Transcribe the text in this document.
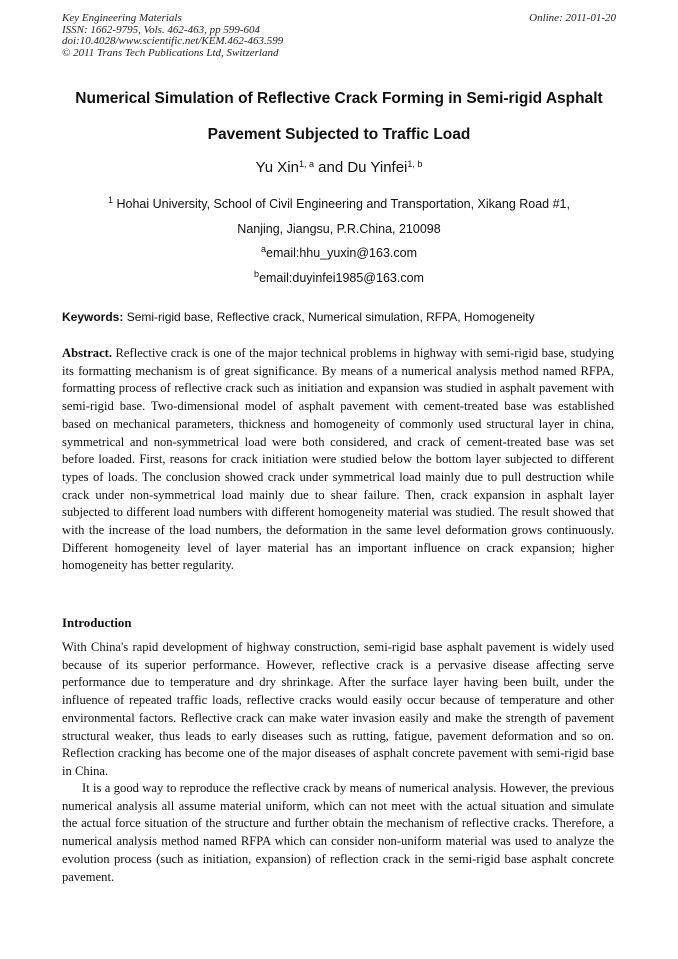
Key Engineering Materials
ISSN: 1662-9795, Vols. 462-463, pp 599-604
doi:10.4028/www.scientific.net/KEM.462-463.599
© 2011 Trans Tech Publications Ltd, Switzerland
Online: 2011-01-20
Numerical Simulation of Reflective Crack Forming in Semi-rigid Asphalt
Pavement Subjected to Traffic Load
Yu Xin$^{1, a}$ and Du Yinfei$^{1, b}$
$^1$ Hohai University, School of Civil Engineering and Transportation, Xikang Road #1,
Nanjing, Jiangsu, P.R.China, 210098
$^a$email:hhu_yuxin@163.com
$^b$email:duyinfei1985@163.com
Keywords: Semi-rigid base, Reflective crack, Numerical simulation, RFPA, Homogeneity

Abstract. Reflective crack is one of the major technical problems in highway with semi-rigid base, studying its formatting mechanism is of great significance. By means of a numerical analysis method named RFPA, formatting process of reflective crack such as initiation and expansion was studied in asphalt pavement with semi-rigid base. Two-dimensional model of asphalt pavement with cement-treated base was established based on mechanical parameters, thickness and homogeneity of commonly used structural layer in china, symmetrical and non-symmetrical load were both considered, and crack of cement-treated base was set before loaded. First, reasons for crack initiation were studied below the bottom layer subjected to different types of loads. The conclusion showed crack under symmetrical load mainly due to pull destruction while crack under non-symmetrical load mainly due to shear failure. Then, crack expansion in asphalt layer subjected to different load numbers with different homogeneity material was studied. The result showed that with the increase of the load numbers, the deformation in the same level deformation grows continuously. Different homogeneity level of layer material has an important influence on crack expansion; higher homogeneity has better regularity.

Introduction

With China's rapid development of highway construction, semi-rigid base asphalt pavement is widely used because of its superior performance. However, reflective crack is a pervasive disease affecting serve performance due to temperature and dry shrinkage. After the surface layer having been built, under the influence of repeated traffic loads, reflective cracks would easily occur because of temperature and other environmental factors. Reflective crack can make water invasion easily and make the strength of pavement structural weaker, thus leads to early diseases such as rutting, fatigue, pavement deformation and so on. Reflection cracking has become one of the major diseases of asphalt concrete pavement with semi-rigid base in China.

It is a good way to reproduce the reflective crack by means of numerical analysis. However, the previous numerical analysis all assume material uniform, which can not meet with the actual situation and simulate the actual force situation of the structure and further obtain the mechanism of reflective cracks. Therefore, a numerical analysis method named RFPA which can consider non-uniform material was used to analyze the evolution process (such as initiation, expansion) of reflection crack in the semi-rigid base asphalt concrete pavement.
